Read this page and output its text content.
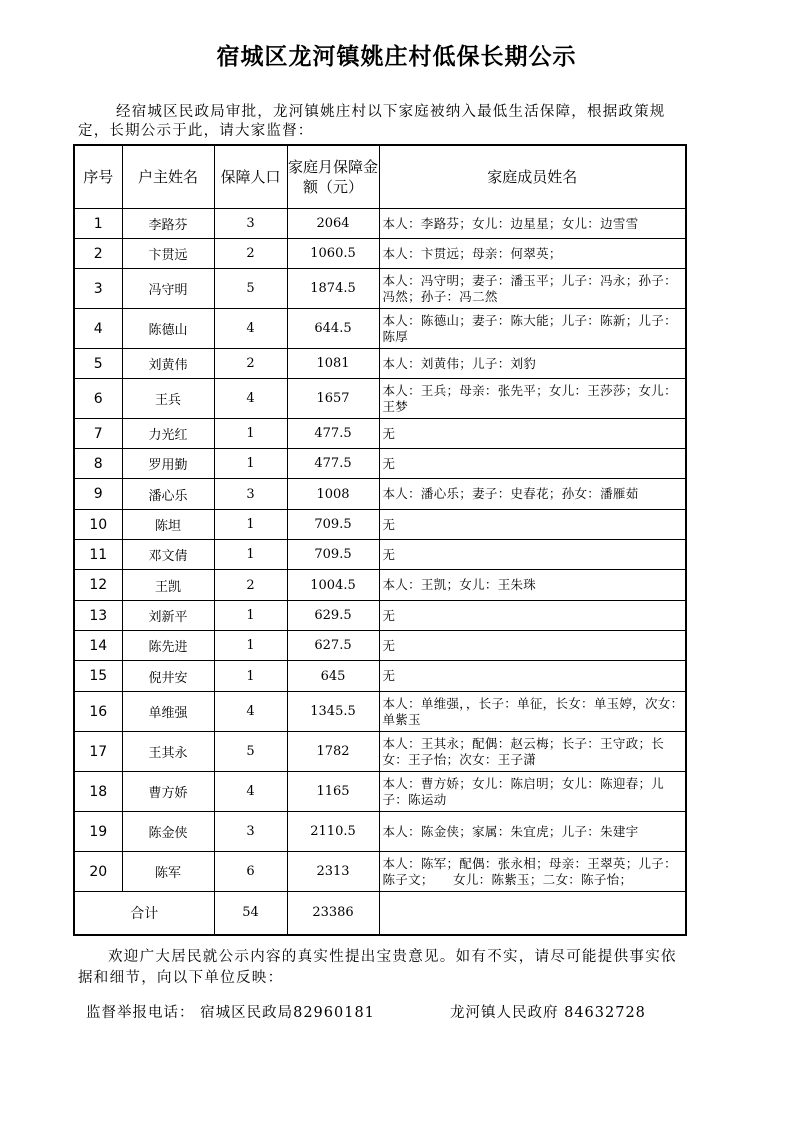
宿城区龙河镇姚庄村低保长期公示
经宿城区民政局审批，龙河镇姚庄村以下家庭被纳入最低生活保障，根据政策规定，长期公示于此，请大家监督：
序号	户主姓名	保障人口	家庭月保障金额（元）	家庭成员姓名
1	李路芬	3	2064	本人：李路芬；女儿：边星星；女儿：边雪雪
2	卞贯远	2	1060.5	本人：卞贯远；母亲：何翠英；
3	冯守明	5	1874.5	本人：冯守明；妻子：潘玉平；儿子：冯永；孙子：冯然；孙子：冯二然
4	陈德山	4	644.5	本人：陈德山；妻子：陈大能；儿子：陈新；儿子：陈厚
5	刘黄伟	2	1081	本人：刘黄伟；儿子：刘豹
6	王兵	4	1657	本人：王兵；母亲：张先平；女儿：王莎莎；女儿：王梦
7	力光红	1	477.5	无
8	罗用勤	1	477.5	无
9	潘心乐	3	1008	本人：潘心乐；妻子：史春花；孙女：潘雁茹
10	陈坦	1	709.5	无
11	邓文倩	1	709.5	无
12	王凯	2	1004.5	本人：王凯；女儿：王朱珠
13	刘新平	1	629.5	无
14	陈先进	1	627.5	无
15	倪井安	1	645	无
16	单维强	4	1345.5	本人：单维强，，长子：单征，长女：单玉婷，次女：单紫玉
17	王其永	5	1782	本人：王其永；配偶：赵云梅；长子：王守政；长女：王子怡；次女：王子潇
18	曹方娇	4	1165	本人：曹方娇；女儿：陈启明；女儿：陈迎春；儿子：陈运动
19	陈金侠	3	2110.5	本人：陈金侠；家属：朱宜虎；儿子：朱建宇
20	陈军	6	2313	本人：陈军；配偶：张永相；母亲：王翠英；儿子：陈子文；　　女儿：陈紫玉；二女：陈子怡；
合计		54	23386	
欢迎广大居民就公示内容的真实性提出宝贵意见。如有不实，请尽可能提供事实依据和细节，向以下单位反映：
监督举报电话： 宿城区民政局82960181	龙河镇人民政府 84632728
